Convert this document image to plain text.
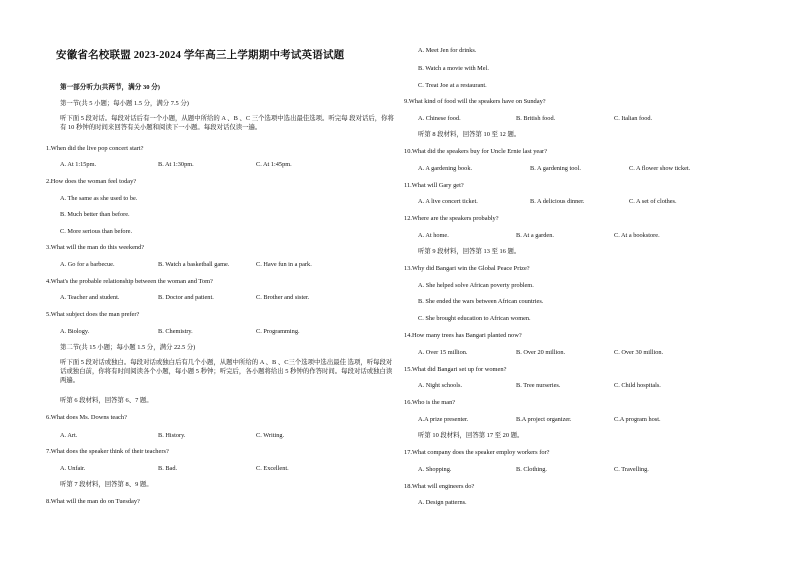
安徽省名校联盟 2023-2024 学年高三上学期期中考试英语试题
第一部分听力(共两节，满分 30 分)
第一节(共 5 小题；每小题 1.5 分，满分 7.5 分)
听下面 5 段对话。每段对话后有一个小题，从题中所给的 A 、B 、C 三个选项中选出最佳选项。听完每 段对话后，你将有 10 秒钟的时间来回答有关小题和阅读下一小题。每段对话仅读一遍。
1.When did the live pop concert start?
A. At 1:15pm.	B. At 1:30pm.	C. At 1:45pm.
2.How does the woman feel today?
A. The same as she used to be.
B. Much better than before.
C. More serious than before.
3.What will the man do this weekend?
A. Go for a barbecue.	B. Watch a basketball game.	C. Have fun in a park.
4.What's the probable relationship between the woman and Tom?
A. Teacher and student.	B. Doctor and patient.	C. Brother and sister.
5.What subject does the man prefer?
A. Biology.	B. Chemistry.	C. Programming.
第二节(共 15 小题；每小题 1.5 分，满分 22.5 分)
听下面 5 段对话或独白。每段对话或独白后有几个小题，从题中所给的 A 、B 、C三个选项中选出最佳 选项，听每段对话或独白前，你将有时间阅读各个小题，每小题 5 秒钟；听完后，各小题将给出 5 秒钟的作答时间。每段对话或独白读两遍。
听第 6 段材料，回答第 6、7 题。
6.What does Ms. Downs teach?
A. Art.	B. History.	C. Writing.
7.What does the speaker think of their teachers?
A. Unfair.	B. Bad.	C. Excellent.
听第 7 段材料，回答第 8、9 题。
8.What will the man do on Tuesday?
A. Meet Jen for drinks.
B. Watch a movie with Mel.
C. Treat Joe at a restaurant.
9.What kind of food will the speakers have on Sunday?
A. Chinese food.	B. British food.	C. Italian food.
听第 8 段材料，回答第 10 至 12 题。
10.What did the speakers buy for Uncle Ernie last year?
A. A gardening book.	B. A gardening tool.	C. A flower show ticket.
11.What will Gary get?
A. A live concert ticket.	B. A delicious dinner.	C. A set of clothes.
12.Where are the speakers probably?
A. At home.	B. At a garden.	C. At a bookstore.
听第 9 段材料，回答第 13 至 16 题。
13.Why did Bangari win the Global Peace Prize?
A. She helped solve African poverty problem.
B. She ended the wars between African countries.
C. She brought education to African women.
14.How many trees has Bangari planted now?
A. Over 15 million.	B. Over 20 million.	C. Over 30 million.
15.What did Bangari set up for women?
A. Night schools.	B. Tree nurseries.	C. Child hospitals.
16.Who is the man?
A.A prize presenter.	B.A project organizer.	C.A program host.
听第 10 段材料，回答第 17 至 20 题。
17.What company does the speaker employ workers for?
A. Shopping.	B. Clothing.	C. Travelling.
18.What will engineers do?
A. Design patterns.
